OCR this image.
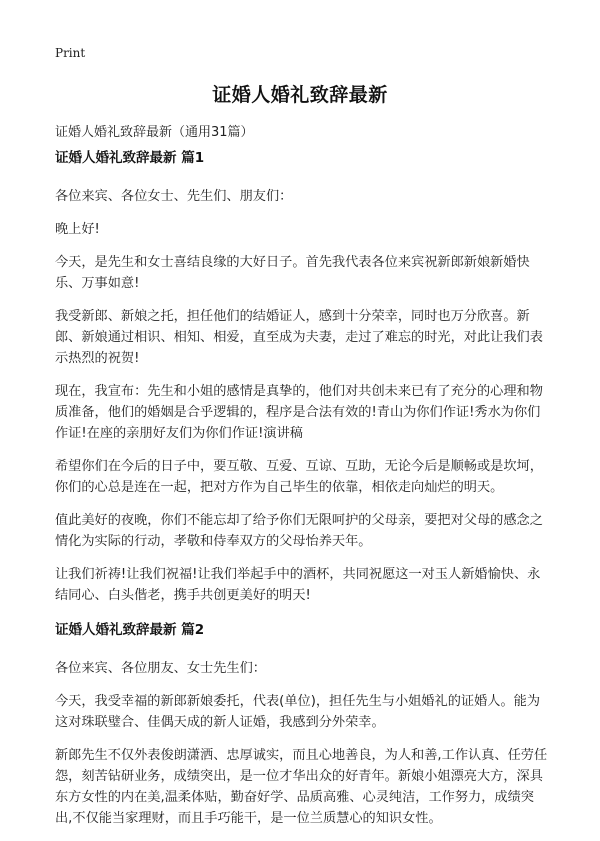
Print
证婚人婚礼致辞最新

证婚人婚礼致辞最新（通用31篇）

证婚人婚礼致辞最新 篇1

各位来宾、各位女士、先生们、朋友们：

晚上好!

今天，是先生和女士喜结良缘的大好日子。首先我代表各位来宾祝新郎新娘新婚快乐、万事如意!

我受新郎、新娘之托，担任他们的结婚证人，感到十分荣幸，同时也万分欣喜。新郎、新娘通过相识、相知、相爱，直至成为夫妻，走过了难忘的时光，对此让我们表示热烈的祝贺!

现在，我宣布：先生和小姐的感情是真挚的，他们对共创未来已有了充分的心理和物质准备，他们的婚姻是合乎逻辑的，程序是合法有效的!青山为你们作证!秀水为你们作证!在座的亲朋好友们为你们作证!演讲稿

希望你们在今后的日子中，要互敬、互爱、互谅、互助，无论今后是顺畅或是坎坷，你们的心总是连在一起，把对方作为自己毕生的依靠，相依走向灿烂的明天。

值此美好的夜晚，你们不能忘却了给予你们无限呵护的父母亲，要把对父母的感念之情化为实际的行动，孝敬和侍奉双方的父母怡养天年。

让我们祈祷!让我们祝福!让我们举起手中的酒杯，共同祝愿这一对玉人新婚愉快、永结同心、白头偕老，携手共创更美好的明天!

证婚人婚礼致辞最新 篇2

各位来宾、各位朋友、女士先生们：

今天，我受幸福的新郎新娘委托，代表(单位)，担任先生与小姐婚礼的证婚人。能为这对珠联璧合、佳偶天成的新人证婚，我感到分外荣幸。

新郎先生不仅外表俊朗潇洒、忠厚诚实，而且心地善良，为人和善,工作认真、任劳任怨，刻苦钻研业务，成绩突出，是一位才华出众的好青年。新娘小姐漂亮大方，深具东方女性的内在美,温柔体贴，勤奋好学、品质高雅、心灵纯洁，工作努力，成绩突出,不仅能当家理财，而且手巧能干，是一位兰质慧心的知识女性。
